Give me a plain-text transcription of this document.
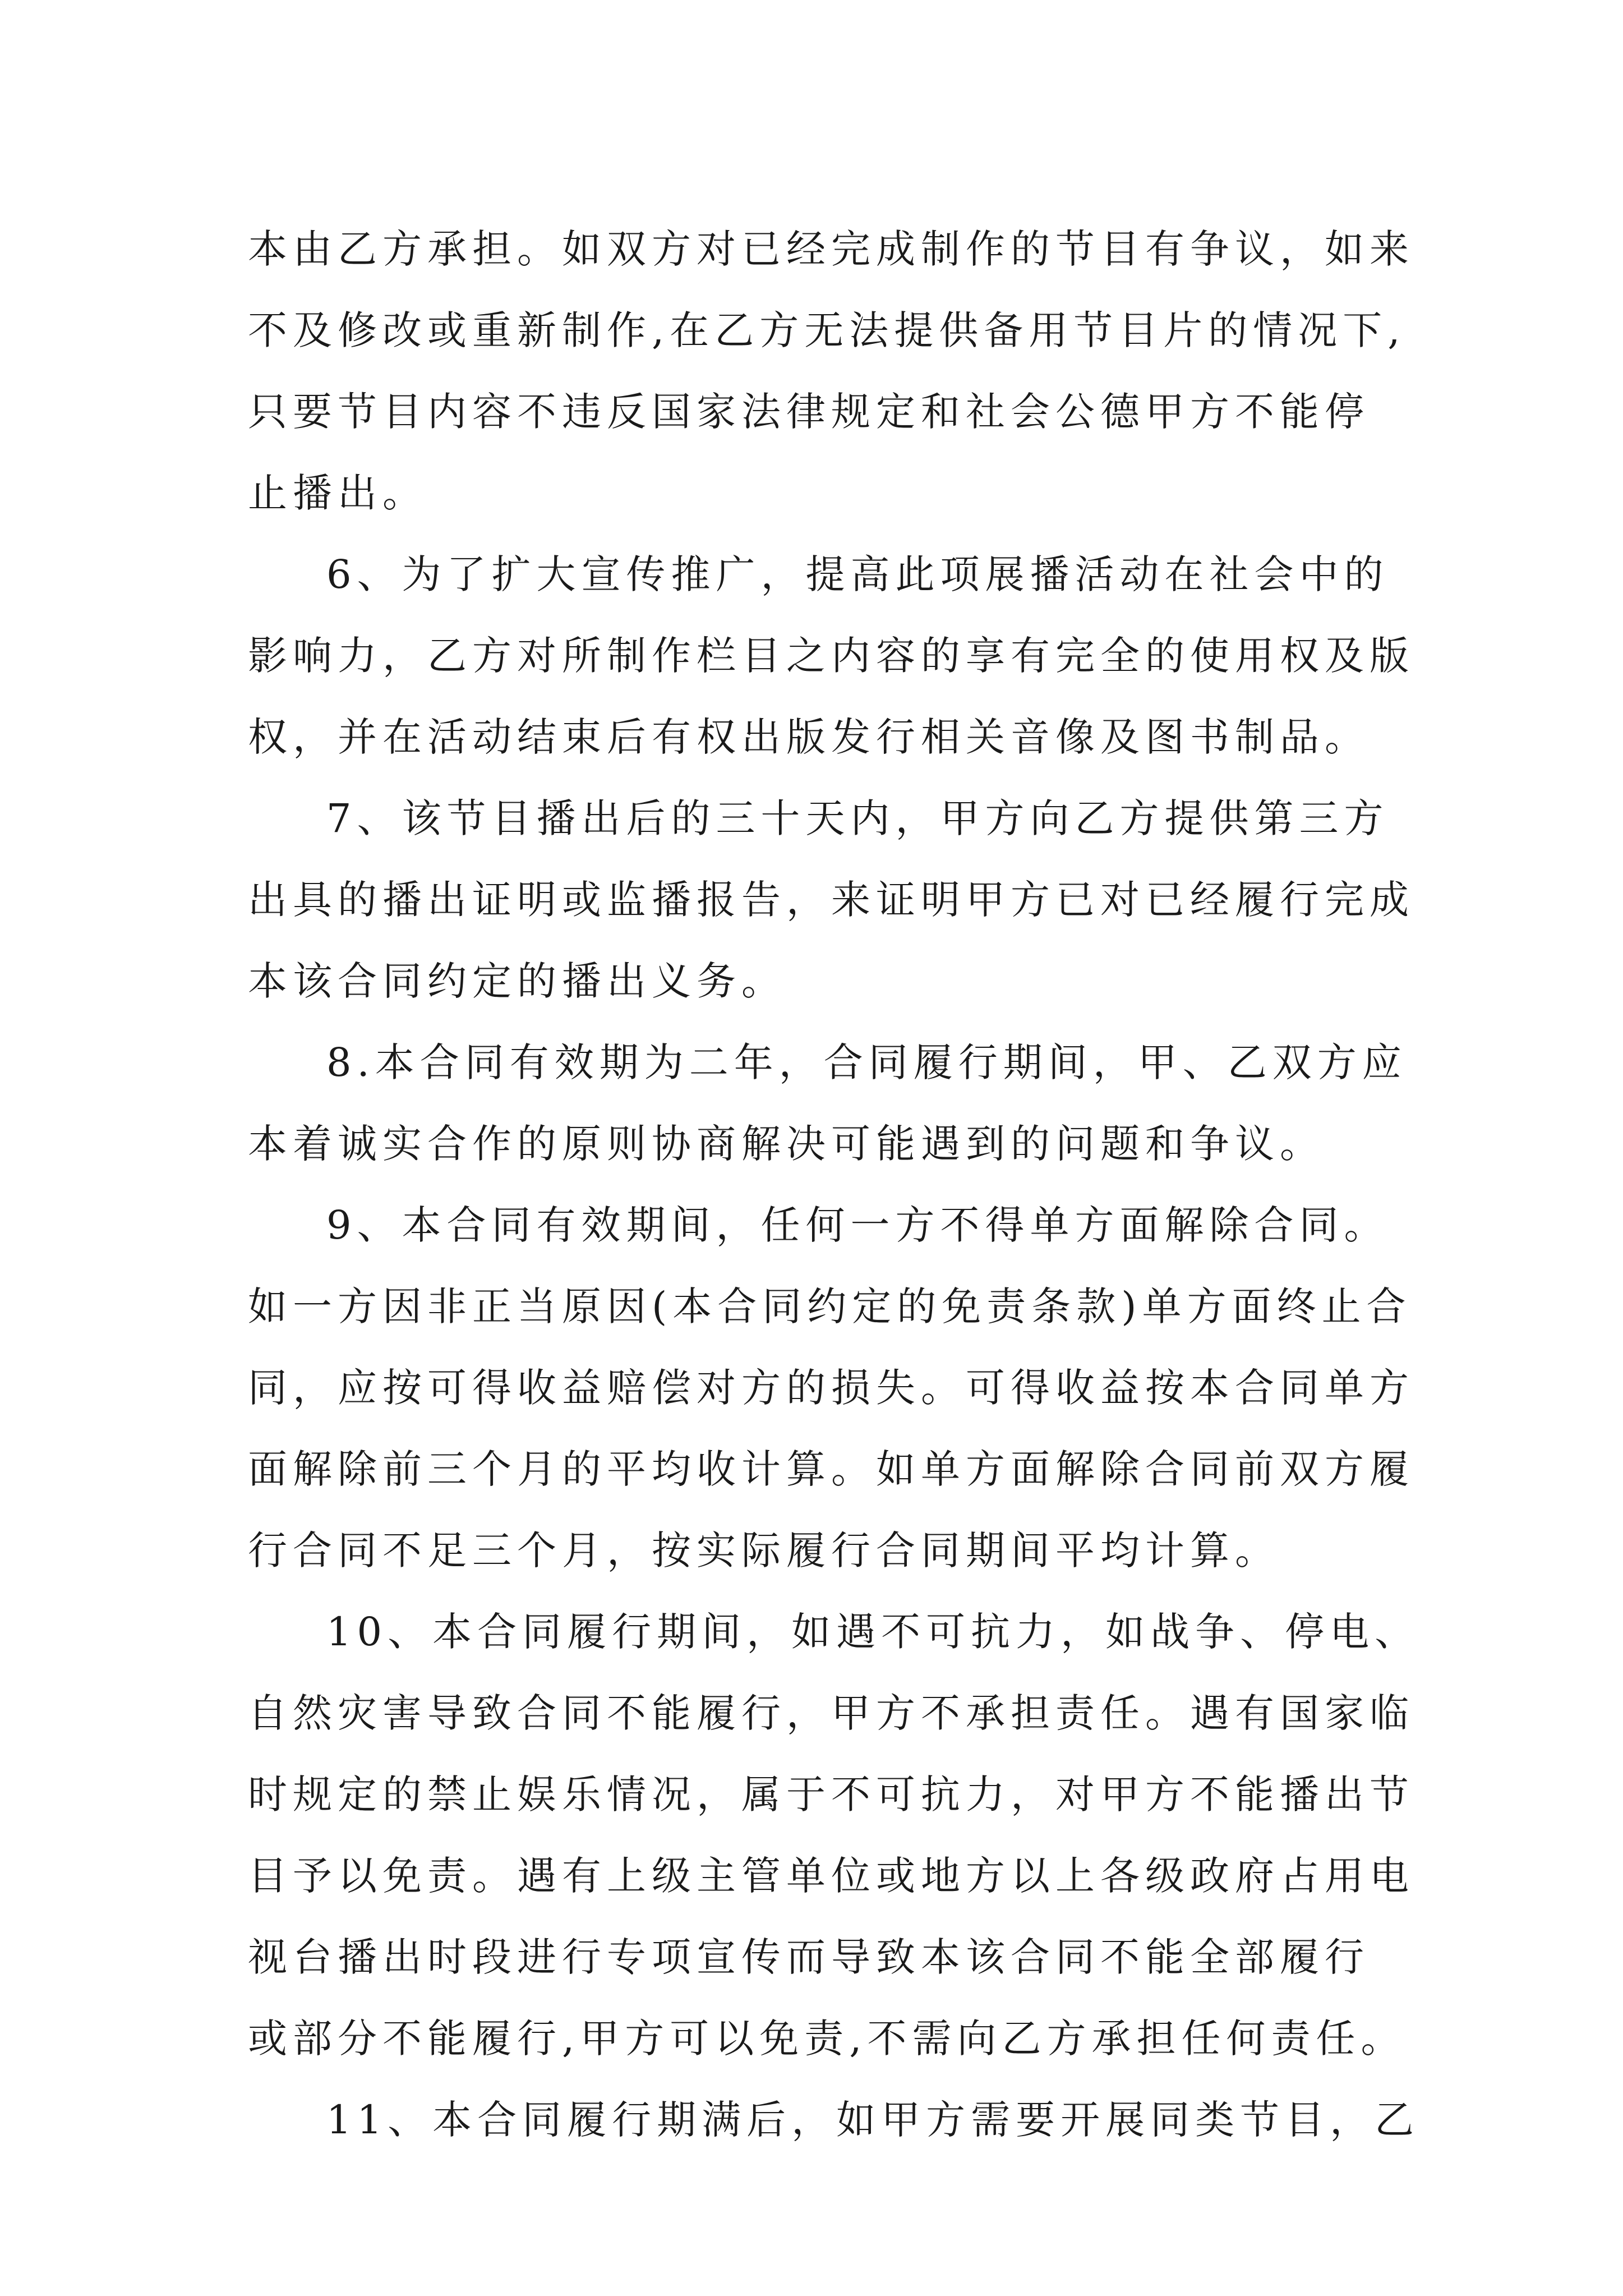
本由乙方承担。如双方对已经完成制作的节目有争议，如来
不及修改或重新制作,在乙方无法提供备用节目片的情况下,
只要节目内容不违反国家法律规定和社会公德甲方不能停
止播出。
6、为了扩大宣传推广，提高此项展播活动在社会中的
影响力，乙方对所制作栏目之内容的享有完全的使用权及版
权，并在活动结束后有权出版发行相关音像及图书制品。
7、该节目播出后的三十天内，甲方向乙方提供第三方
出具的播出证明或监播报告，来证明甲方已对已经履行完成
本该合同约定的播出义务。
8.本合同有效期为二年，合同履行期间，甲、乙双方应
本着诚实合作的原则协商解决可能遇到的问题和争议。
9、本合同有效期间，任何一方不得单方面解除合同。
如一方因非正当原因(本合同约定的免责条款)单方面终止合
同，应按可得收益赔偿对方的损失。可得收益按本合同单方
面解除前三个月的平均收计算。如单方面解除合同前双方履
行合同不足三个月，按实际履行合同期间平均计算。
10、本合同履行期间，如遇不可抗力，如战争、停电、
自然灾害导致合同不能履行，甲方不承担责任。遇有国家临
时规定的禁止娱乐情况，属于不可抗力，对甲方不能播出节
目予以免责。遇有上级主管单位或地方以上各级政府占用电
视台播出时段进行专项宣传而导致本该合同不能全部履行
或部分不能履行,甲方可以免责,不需向乙方承担任何责任。
11、本合同履行期满后，如甲方需要开展同类节目，乙
